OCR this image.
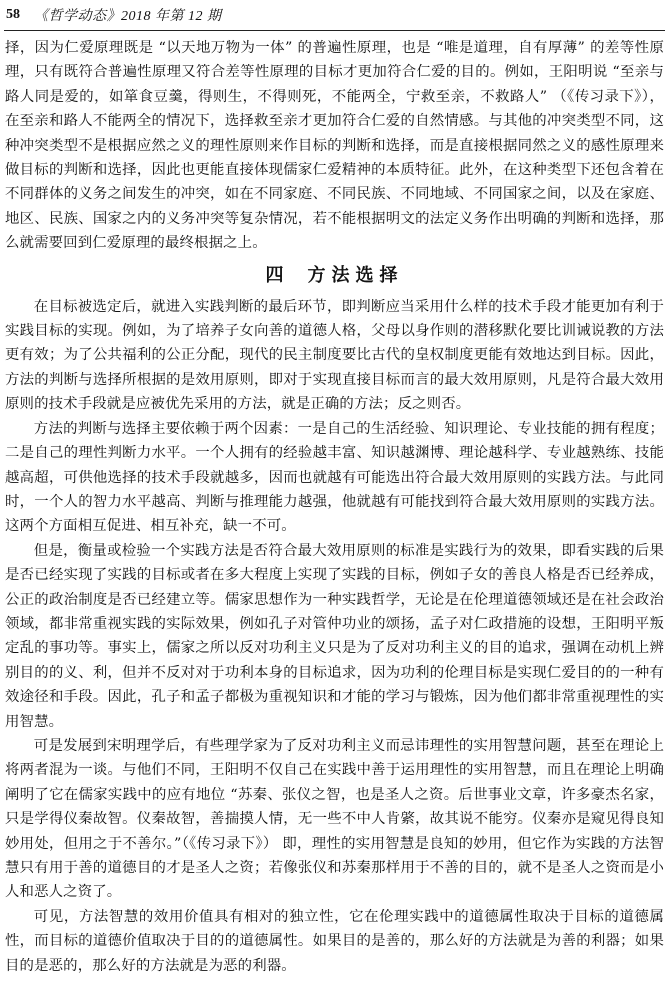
58 《哲学动态》2018 年第 12 期

择，因为仁爱原理既是 “以天地万物为一体” 的普遍性原理，也是 “唯是道理，自有厚薄” 的差等性原理，只有既符合普遍性原理又符合差等性原理的目标才更加符合仁爱的目的。例如，王阳明说 “至亲与路人同是爱的，如箪食豆羹，得则生，不得则死，不能两全，宁救至亲，不救路人” （《传习录下》），在至亲和路人不能两全的情况下，选择救至亲才更加符合仁爱的自然情感。与其他的冲突类型不同，这种冲突类型不是根据应然之义的理性原则来作目标的判断和选择，而是直接根据同然之义的感性原理来做目标的判断和选择，因此也更能直接体现儒家仁爱精神的本质特征。此外，在这种类型下还包含着在不同群体的义务之间发生的冲突，如在不同家庭、不同民族、不同地域、不同国家之间，以及在家庭、地区、民族、国家之内的义务冲突等复杂情况，若不能根据明文的法定义务作出明确的判断和选择，那么就需要回到仁爱原理的最终根据之上。

四 方法选择

在目标被选定后，就进入实践判断的最后环节，即判断应当采用什么样的技术手段才能更加有利于实践目标的实现。例如，为了培养子女向善的道德人格，父母以身作则的潜移默化要比训诫说教的方法更有效；为了公共福利的公正分配，现代的民主制度要比古代的皇权制度更能有效地达到目标。因此，方法的判断与选择所根据的是效用原则，即对于实现直接目标而言的最大效用原则，凡是符合最大效用原则的技术手段就是应被优先采用的方法，就是正确的方法；反之则否。

方法的判断与选择主要依赖于两个因素：一是自己的生活经验、知识理论、专业技能的拥有程度；二是自己的理性判断力水平。一个人拥有的经验越丰富、知识越渊博、理论越科学、专业越熟练、技能越高超，可供他选择的技术手段就越多，因而也就越有可能选出符合最大效用原则的实践方法。与此同时，一个人的智力水平越高、判断与推理能力越强，他就越有可能找到符合最大效用原则的实践方法。这两个方面相互促进、相互补充，缺一不可。

但是，衡量或检验一个实践方法是否符合最大效用原则的标准是实践行为的效果，即看实践的后果是否已经实现了实践的目标或者在多大程度上实现了实践的目标，例如子女的善良人格是否已经养成，公正的政治制度是否已经建立等。儒家思想作为一种实践哲学，无论是在伦理道德领域还是在社会政治领域，都非常重视实践的实际效果，例如孔子对管仲功业的颂扬，孟子对仁政措施的设想，王阳明平叛定乱的事功等。事实上，儒家之所以反对功利主义只是为了反对功利主义的目的追求，强调在动机上辨别目的的义、利，但并不反对对于功利本身的目标追求，因为功利的伦理目标是实现仁爱目的的一种有效途径和手段。因此，孔子和孟子都极为重视知识和才能的学习与锻炼，因为他们都非常重视理性的实用智慧。

可是发展到宋明理学后，有些理学家为了反对功利主义而忌讳理性的实用智慧问题，甚至在理论上将两者混为一谈。与他们不同，王阳明不仅自己在实践中善于运用理性的实用智慧，而且在理论上明确阐明了它在儒家实践中的应有地位 “苏秦、张仪之智，也是圣人之资。后世事业文章，许多豪杰名家，只是学得仪秦故智。仪秦故智，善揣摸人情，无一些不中人肯綮，故其说不能穷。仪秦亦是窥见得良知妙用处，但用之于不善尔。”（《传习录下》） 即，理性的实用智慧是良知的妙用，但它作为实践的方法智慧只有用于善的道德目的才是圣人之资；若像张仪和苏秦那样用于不善的目的，就不是圣人之资而是小人和恶人之资了。

可见，方法智慧的效用价值具有相对的独立性，它在伦理实践中的道德属性取决于目标的道德属性，而目标的道德价值取决于目的的道德属性。如果目的是善的，那么好的方法就是为善的利器；如果目的是恶的，那么好的方法就是为恶的利器。
